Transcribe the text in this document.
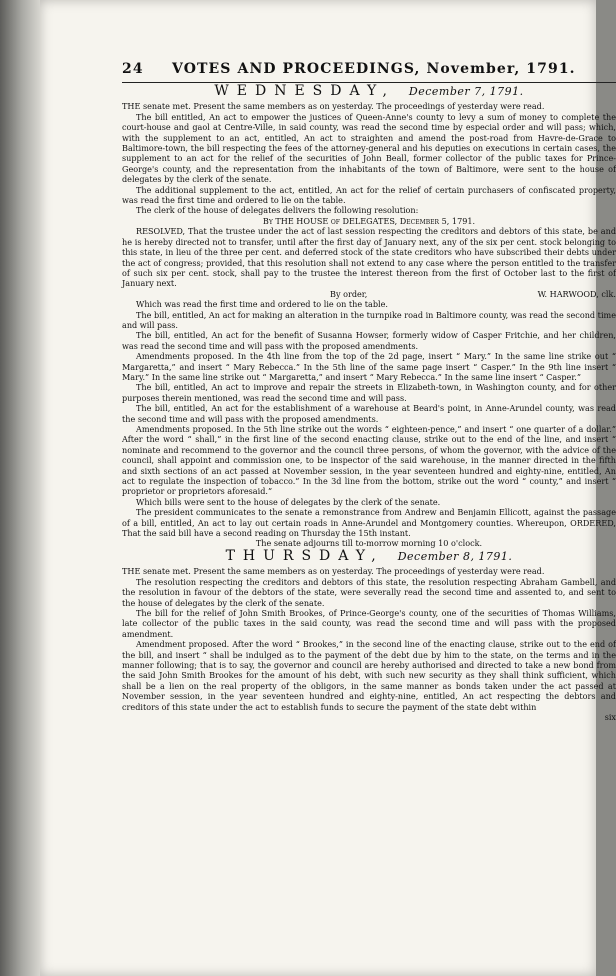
24	VOTES AND PROCEEDINGS, November, 1791.
WEDNESDAY, December 7, 1791.

THE senate met. Present the same members as on yesterday. The proceedings of yesterday were read.

The bill entitled, An act to empower the justices of Queen-Anne's county to levy a sum of money to complete the court-house and gaol at Centre-Ville, in said county, was read the second time by especial order and will pass; which, with the supplement to an act, entitled, An act to straighten and amend the post-road from Havre-de-Grace to Baltimore-town, the bill respecting the fees of the attorney-general and his deputies on executions in certain cases, the supplement to an act for the relief of the securities of John Beall, former collector of the public taxes for Prince-George's county, and the representation from the inhabitants of the town of Baltimore, were sent to the house of delegates by the clerk of the senate.

The additional supplement to the act, entitled, An act for the relief of certain purchasers of confiscated property, was read the first time and ordered to lie on the table.

The clerk of the house of delegates delivers the following resolution:

By THE HOUSE of DELEGATES, December 5, 1791.

RESOLVED, That the trustee under the act of last session respecting the creditors and debtors of this state, be and he is hereby directed not to transfer, until after the first day of January next, any of the six per cent. stock belonging to this state, in lieu of the three per cent. and deferred stock of the state creditors who have subscribed their debts under the act of congress; provided, that this resolution shall not extend to any case where the person entitled to the transfer of such six per cent. stock, shall pay to the trustee the interest thereon from the first of October last to the first of January next.

By order,	W. HARWOOD, clk.

Which was read the first time and ordered to lie on the table.

The bill, entitled, An act for making an alteration in the turnpike road in Baltimore county, was read the second time and will pass.

The bill, entitled, An act for the benefit of Susanna Howser, formerly widow of Casper Fritchie, and her children, was read the second time and will pass with the proposed amendments.

Amendments proposed. In the 4th line from the top of the 2d page, insert “ Mary.” In the same line strike out “ Margaretta,” and insert “ Mary Rebecca.” In the 5th line of the same page insert “ Casper.” In the 9th line insert “ Mary.” In the same line strike out “ Margaretta,” and insert “ Mary Rebecca.” In the same line insert “ Casper.”

The bill, entitled, An act to improve and repair the streets in Elizabeth-town, in Washington county, and for other purposes therein mentioned, was read the second time and will pass.

The bill, entitled, An act for the establishment of a warehouse at Beard's point, in Anne-Arundel county, was read the second time and will pass with the proposed amendments.

Amendments proposed. In the 5th line strike out the words “ eighteen-pence,” and insert “ one quarter of a dollar.” After the word “ shall,” in the first line of the second enacting clause, strike out to the end of the line, and insert “ nominate and recommend to the governor and the council three persons, of whom the governor, with the advice of the council, shall appoint and commission one, to be inspector of the said warehouse, in the manner directed in the fifth and sixth sections of an act passed at November session, in the year seventeen hundred and eighty-nine, entitled, An act to regulate the inspection of tobacco.” In the 3d line from the bottom, strike out the word “ county,” and insert “ proprietor or proprietors aforesaid.”

Which bills were sent to the house of delegates by the clerk of the senate.

The president communicates to the senate a remonstrance from Andrew and Benjamin Ellicott, against the passage of a bill, entitled, An act to lay out certain roads in Anne-Arundel and Montgomery counties. Whereupon, ORDERED, That the said bill have a second reading on Thursday the 15th instant.

The senate adjourns till to-morrow morning 10 o'clock.

THURSDAY, December 8, 1791.

THE senate met. Present the same members as on yesterday. The proceedings of yesterday were read.

The resolution respecting the creditors and debtors of this state, the resolution respecting Abraham Gambell, and the resolution in favour of the debtors of the state, were severally read the second time and assented to, and sent to the house of delegates by the clerk of the senate.

The bill for the relief of John Smith Brookes, of Prince-George's county, one of the securities of Thomas Williams, late collector of the public taxes in the said county, was read the second time and will pass with the proposed amendment.

Amendment proposed. After the word “ Brookes,” in the second line of the enacting clause, strike out to the end of the bill, and insert “ shall be indulged as to the payment of the debt due by him to the state, on the terms and in the manner following; that is to say, the governor and council are hereby authorised and directed to take a new bond from the said John Smith Brookes for the amount of his debt, with such new security as they shall think sufficient, which shall be a lien on the real property of the obligors, in the same manner as bonds taken under the act passed at November session, in the year seventeen hundred and eighty-nine, entitled, An act respecting the debtors and creditors of this state under the act to establish funds to secure the payment of the state debt within

six
